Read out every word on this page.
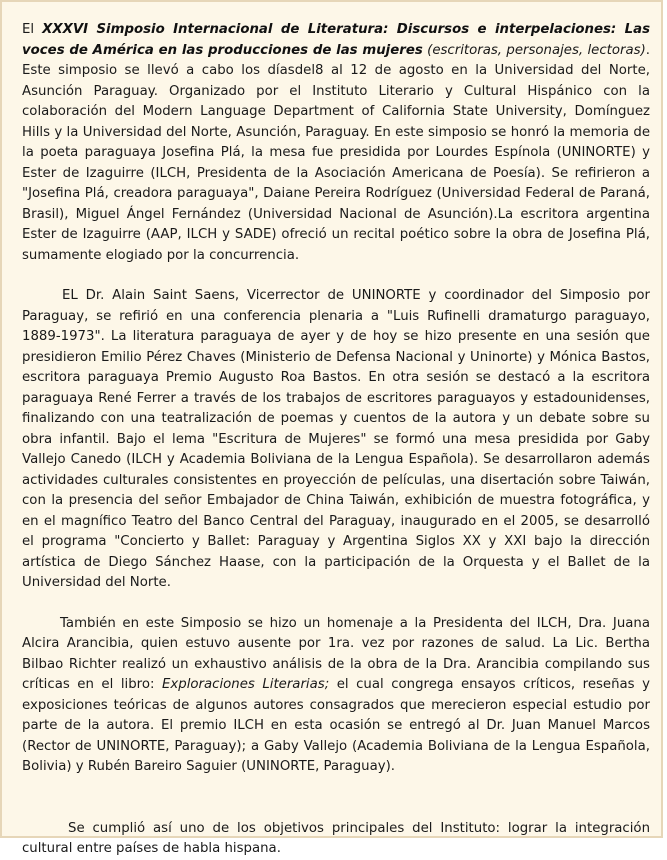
El XXXVI Simposio Internacional de Literatura: Discursos e interpelaciones: Las voces de América en las producciones de las mujeres (escritoras, personajes, lectoras). Este simposio se llevó a cabo los díasdel8 al 12 de agosto en la Universidad del Norte, Asunción Paraguay. Organizado por el Instituto Literario y Cultural Hispánico con la colaboración del Modern Language Department of California State University, Domínguez Hills y la Universidad del Norte, Asunción, Paraguay. En este simposio se honró la memoria de la poeta paraguaya Josefina Plá, la mesa fue presidida por Lourdes Espínola (UNINORTE) y Ester de Izaguirre (ILCH, Presidenta de la Asociación Americana de Poesía). Se refirieron a "Josefina Plá, creadora paraguaya", Daiane Pereira Rodríguez (Universidad Federal de Paraná, Brasil), Miguel Ángel Fernández (Universidad Nacional de Asunción).La escritora argentina Ester de Izaguirre (AAP, ILCH y SADE) ofreció un recital poético sobre la obra de Josefina Plá, sumamente elogiado por la concurrencia.

EL Dr. Alain Saint Saens, Vicerrector de UNINORTE y coordinador del Simposio por Paraguay, se refirió en una conferencia plenaria a "Luis Rufinelli dramaturgo paraguayo, 1889-1973". La literatura paraguaya de ayer y de hoy se hizo presente en una sesión que presidieron Emilio Pérez Chaves (Ministerio de Defensa Nacional y Uninorte) y Mónica Bastos, escritora paraguaya Premio Augusto Roa Bastos. En otra sesión se destacó a la escritora paraguaya René Ferrer a través de los trabajos de escritores paraguayos y estadounidenses, finalizando con una teatralización de poemas y cuentos de la autora y un debate sobre su obra infantil. Bajo el lema "Escritura de Mujeres" se formó una mesa presidida por Gaby Vallejo Canedo (ILCH y Academia Boliviana de la Lengua Española). Se desarrollaron además actividades culturales consistentes en proyección de películas, una disertación sobre Taiwán, con la presencia del señor Embajador de China Taiwán, exhibición de muestra fotográfica, y en el magnífico Teatro del Banco Central del Paraguay, inaugurado en el 2005, se desarrolló el programa "Concierto y Ballet: Paraguay y Argentina Siglos XX y XXI bajo la dirección artística de Diego Sánchez Haase, con la participación de la Orquesta y el Ballet de la Universidad del Norte.

También en este Simposio se hizo un homenaje a la Presidenta del ILCH, Dra. Juana Alcira Arancibia, quien estuvo ausente por 1ra. vez por razones de salud. La Lic. Bertha Bilbao Richter realizó un exhaustivo análisis de la obra de la Dra. Arancibia compilando sus críticas en el libro: Exploraciones Literarias; el cual congrega ensayos críticos, reseñas y exposiciones teóricas de algunos autores consagrados que merecieron especial estudio por parte de la autora. El premio ILCH en esta ocasión se entregó al Dr. Juan Manuel Marcos (Rector de UNINORTE, Paraguay); a Gaby Vallejo (Academia Boliviana de la Lengua Española, Bolivia) y Rubén Bareiro Saguier (UNINORTE, Paraguay).

Se cumplió así uno de los objetivos principales del Instituto: lograr la integración cultural entre países de habla hispana.
